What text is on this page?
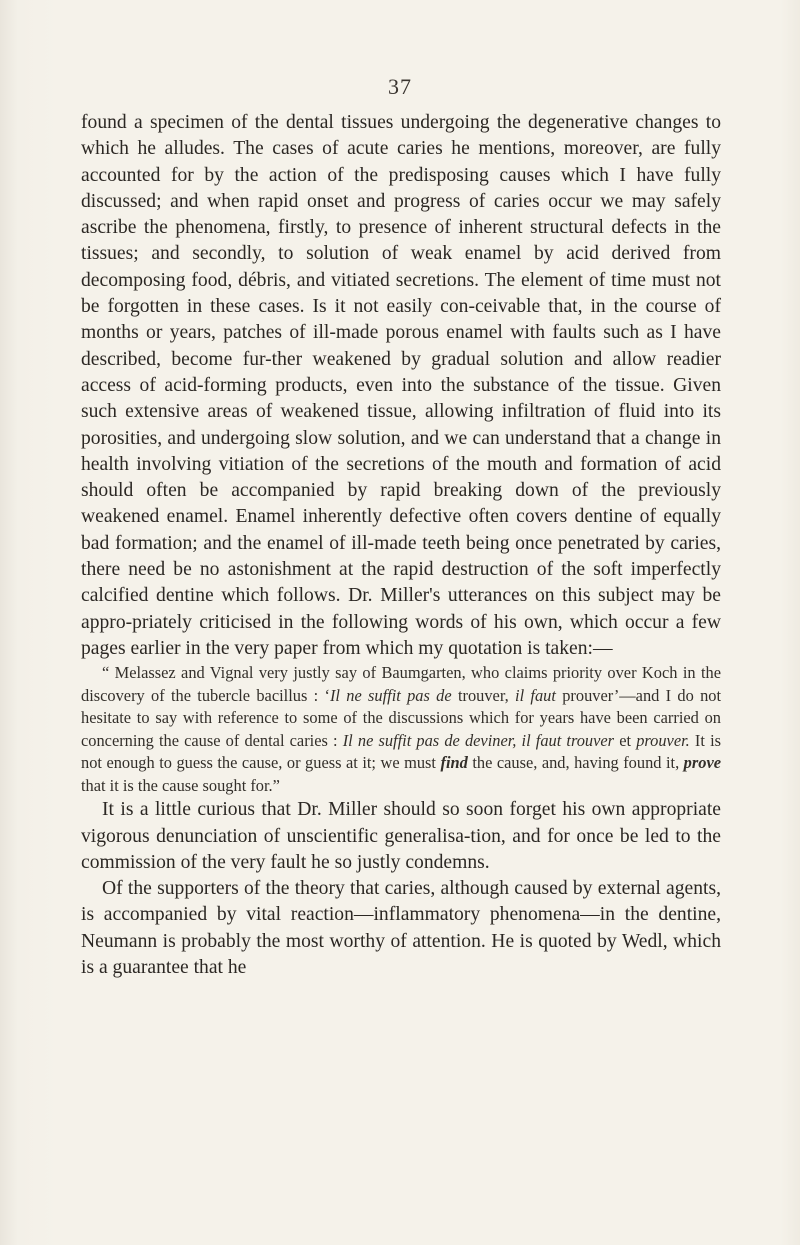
37

found a specimen of the dental tissues undergoing the degenerative changes to which he alludes. The cases of acute caries he mentions, moreover, are fully accounted for by the action of the predisposing causes which I have fully discussed; and when rapid onset and progress of caries occur we may safely ascribe the phenomena, firstly, to presence of inherent structural defects in the tissues; and secondly, to solution of weak enamel by acid derived from decomposing food, débris, and vitiated secretions. The element of time must not be forgotten in these cases. Is it not easily con-ceivable that, in the course of months or years, patches of ill-made porous enamel with faults such as I have described, become fur-ther weakened by gradual solution and allow readier access of acid-forming products, even into the substance of the tissue. Given such extensive areas of weakened tissue, allowing infiltration of fluid into its porosities, and undergoing slow solution, and we can understand that a change in health involving vitiation of the secretions of the mouth and formation of acid should often be accompanied by rapid breaking down of the previously weakened enamel. Enamel inherently defective often covers dentine of equally bad formation; and the enamel of ill-made teeth being once penetrated by caries, there need be no astonishment at the rapid destruction of the soft imperfectly calcified dentine which follows. Dr. Miller's utterances on this subject may be appro-priately criticised in the following words of his own, which occur a few pages earlier in the very paper from which my quotation is taken:—

“ Melassez and Vignal very justly say of Baumgarten, who claims priority over Koch in the discovery of the tubercle bacillus : ‘Il ne suffit pas de trouver, il faut prouver’—and I do not hesitate to say with reference to some of the discussions which for years have been carried on concerning the cause of dental caries : Il ne suffit pas de deviner, il faut trouver et prouver. It is not enough to guess the cause, or guess at it; we must find the cause, and, having found it, prove that it is the cause sought for.”

It is a little curious that Dr. Miller should so soon forget his own appropriate vigorous denunciation of unscientific generalisa-tion, and for once be led to the commission of the very fault he so justly condemns.

Of the supporters of the theory that caries, although caused by external agents, is accompanied by vital reaction—inflammatory phenomena—in the dentine, Neumann is probably the most worthy of attention. He is quoted by Wedl, which is a guarantee that he
